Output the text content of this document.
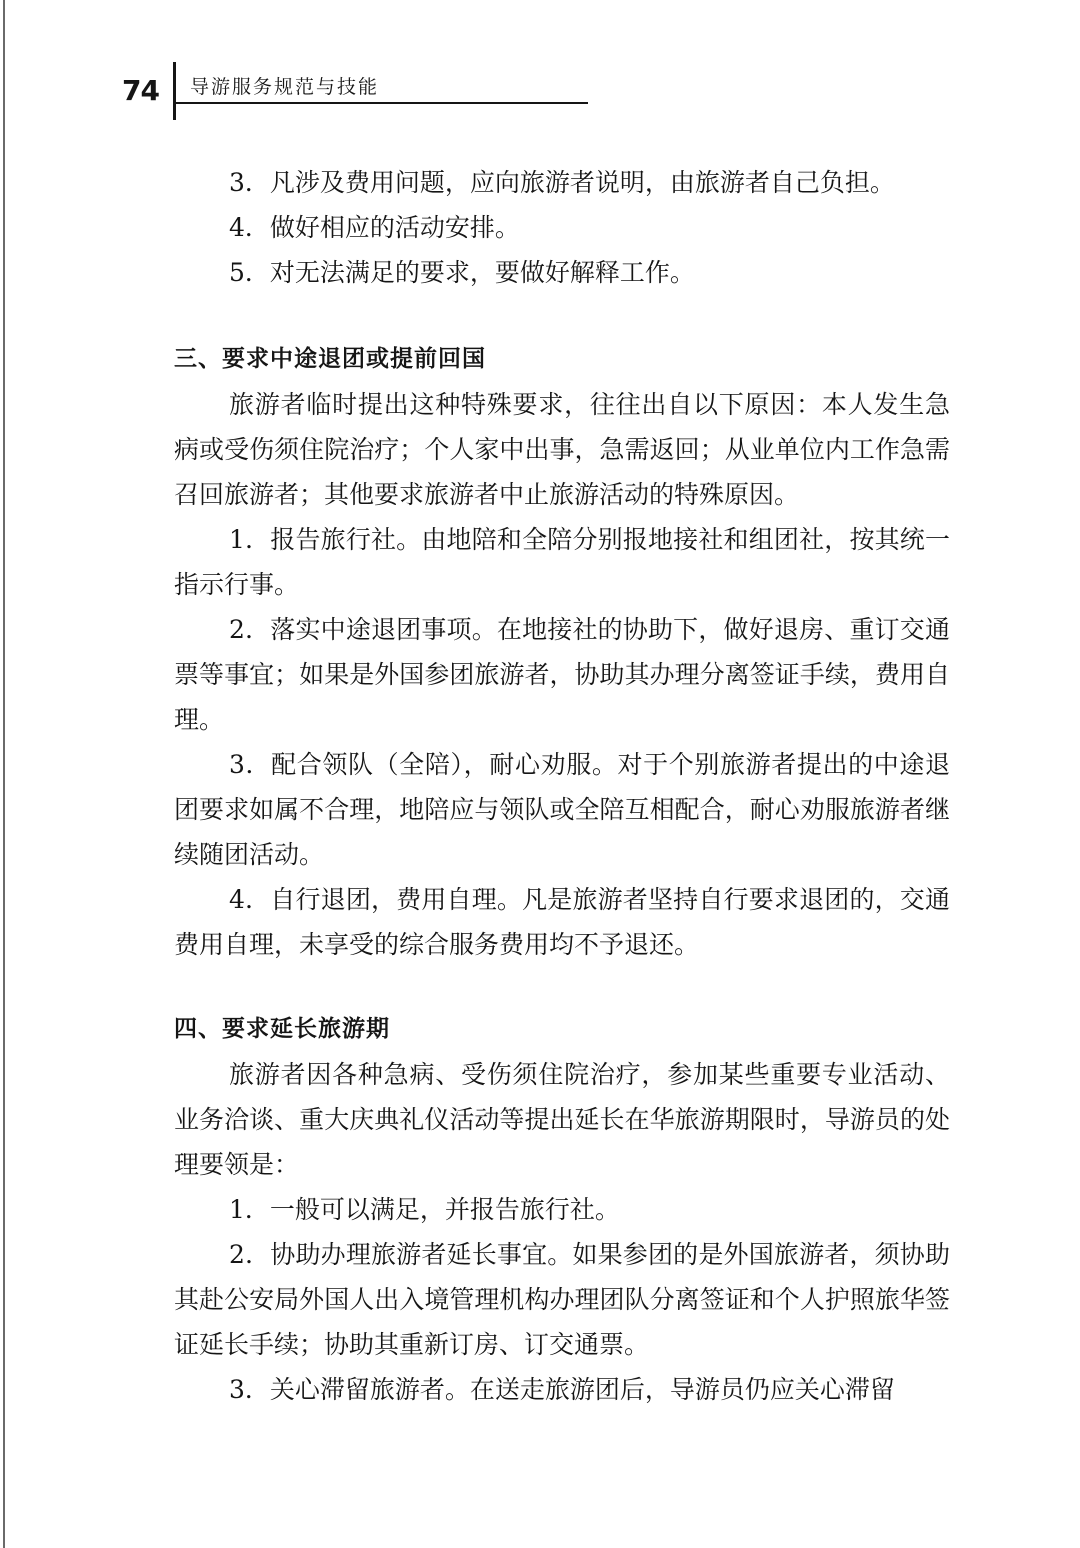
74 导游服务规范与技能

3．凡涉及费用问题，应向旅游者说明，由旅游者自己负担。

4．做好相应的活动安排。

5．对无法满足的要求，要做好解释工作。

三、要求中途退团或提前回国

旅游者临时提出这种特殊要求，往往出自以下原因：本人发生急病或受伤须住院治疗；个人家中出事，急需返回；从业单位内工作急需召回旅游者；其他要求旅游者中止旅游活动的特殊原因。

1．报告旅行社。由地陪和全陪分别报地接社和组团社，按其统一指示行事。

2．落实中途退团事项。在地接社的协助下，做好退房、重订交通票等事宜；如果是外国参团旅游者，协助其办理分离签证手续，费用自理。

3．配合领队（全陪），耐心劝服。对于个别旅游者提出的中途退团要求如属不合理，地陪应与领队或全陪互相配合，耐心劝服旅游者继续随团活动。

4．自行退团，费用自理。凡是旅游者坚持自行要求退团的，交通费用自理，未享受的综合服务费用均不予退还。

四、要求延长旅游期

旅游者因各种急病、受伤须住院治疗，参加某些重要专业活动、业务洽谈、重大庆典礼仪活动等提出延长在华旅游期限时，导游员的处理要领是：

1．一般可以满足，并报告旅行社。

2．协助办理旅游者延长事宜。如果参团的是外国旅游者，须协助其赴公安局外国人出入境管理机构办理团队分离签证和个人护照旅华签证延长手续；协助其重新订房、订交通票。

3．关心滞留旅游者。在送走旅游团后，导游员仍应关心滞留
